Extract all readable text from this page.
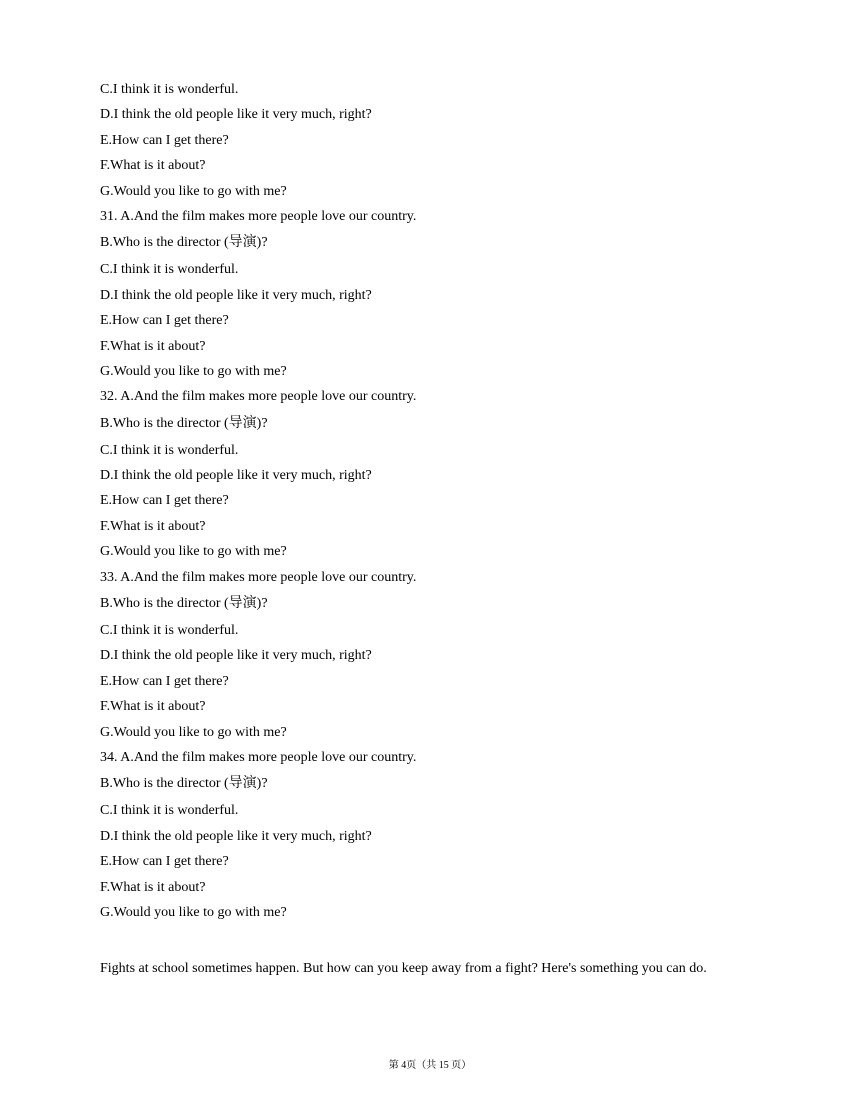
C.I think it is wonderful.
D.I think the old people like it very much, right?
E.How can I get there?
F.What is it about?
G.Would you like to go with me?
31. A.And the film makes more people love our country.
B.Who is the director (导演)?
C.I think it is wonderful.
D.I think the old people like it very much, right?
E.How can I get there?
F.What is it about?
G.Would you like to go with me?
32. A.And the film makes more people love our country.
B.Who is the director (导演)?
C.I think it is wonderful.
D.I think the old people like it very much, right?
E.How can I get there?
F.What is it about?
G.Would you like to go with me?
33. A.And the film makes more people love our country.
B.Who is the director (导演)?
C.I think it is wonderful.
D.I think the old people like it very much, right?
E.How can I get there?
F.What is it about?
G.Would you like to go with me?
34. A.And the film makes more people love our country.
B.Who is the director (导演)?
C.I think it is wonderful.
D.I think the old people like it very much, right?
E.How can I get there?
F.What is it about?
G.Would you like to go with me?
Fights at school sometimes happen. But how can you keep away from a fight? Here's something you can do.
第 4页（共 15 页）
